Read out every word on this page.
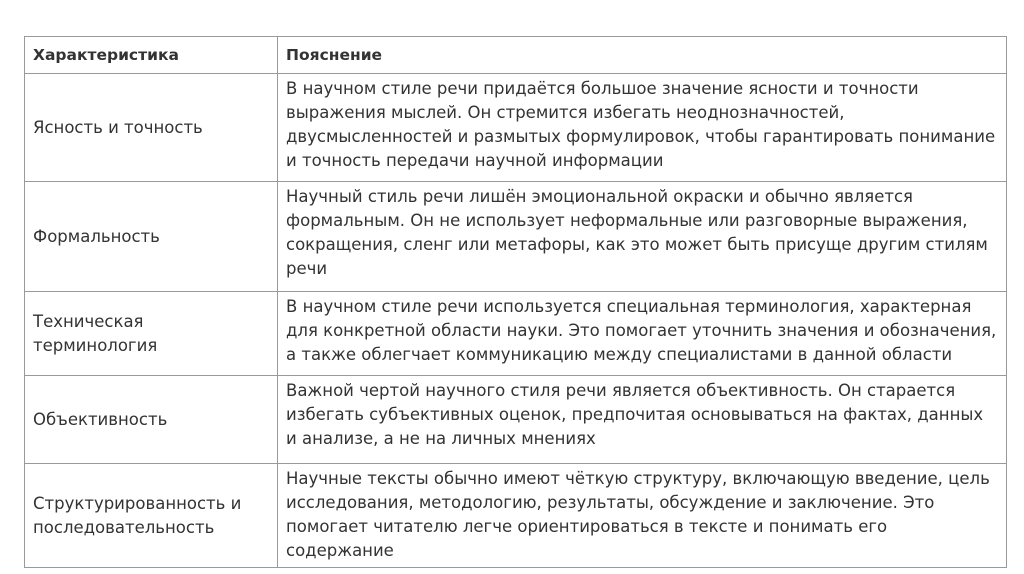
Характеристика	Пояснение
Ясность и точность	В научном стиле речи придаётся большое значение ясности и точности выражения мыслей. Он стремится избегать неоднозначностей, двусмысленностей и размытых формулировок, чтобы гарантировать понимание и точность передачи научной информации
Формальность	Научный стиль речи лишён эмоциональной окраски и обычно является формальным. Он не использует неформальные или разговорные выражения, сокращения, сленг или метафоры, как это может быть присуще другим стилям речи
Техническая терминология	В научном стиле речи используется специальная терминология, характерная для конкретной области науки. Это помогает уточнить значения и обозначения, а также облегчает коммуникацию между специалистами в данной области
Объективность	Важной чертой научного стиля речи является объективность. Он старается избегать субъективных оценок, предпочитая основываться на фактах, данных и анализе, а не на личных мнениях
Структурированность и последовательность	Научные тексты обычно имеют чёткую структуру, включающую введение, цель исследования, методологию, результаты, обсуждение и заключение. Это помогает читателю легче ориентироваться в тексте и понимать его содержание
